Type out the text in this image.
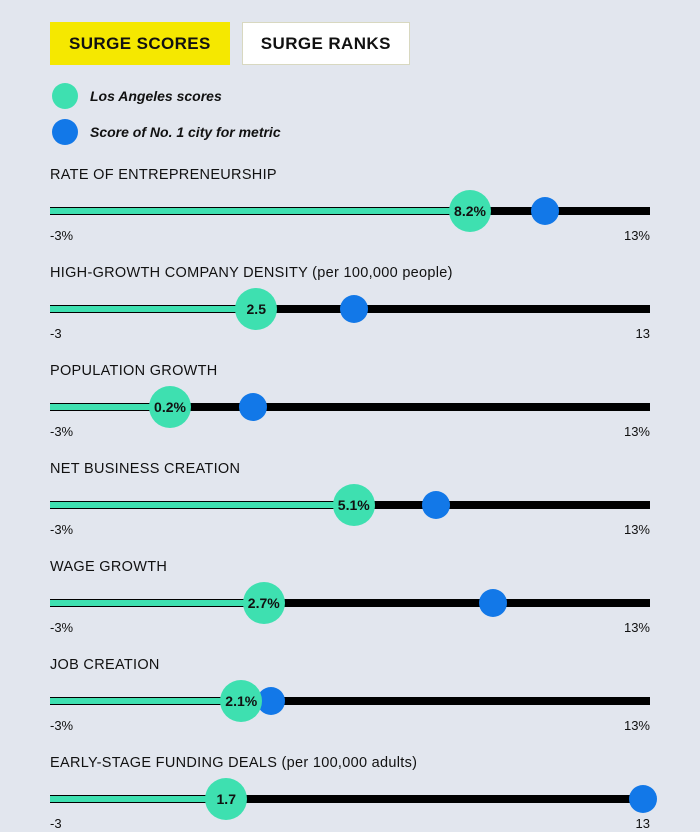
SURGE SCORES	SURGE RANKS
Los Angeles scores
Score of No. 1 city for metric
RATE OF ENTREPRENEURSHIP
8.2%
-3%	13%
HIGH-GROWTH COMPANY DENSITY (per 100,000 people)
2.5
-3	13
POPULATION GROWTH
0.2%
-3%	13%
NET BUSINESS CREATION
5.1%
-3%	13%
WAGE GROWTH
2.7%
-3%	13%
JOB CREATION
2.1%
-3%	13%
EARLY-STAGE FUNDING DEALS (per 100,000 adults)
1.7
-3	13
